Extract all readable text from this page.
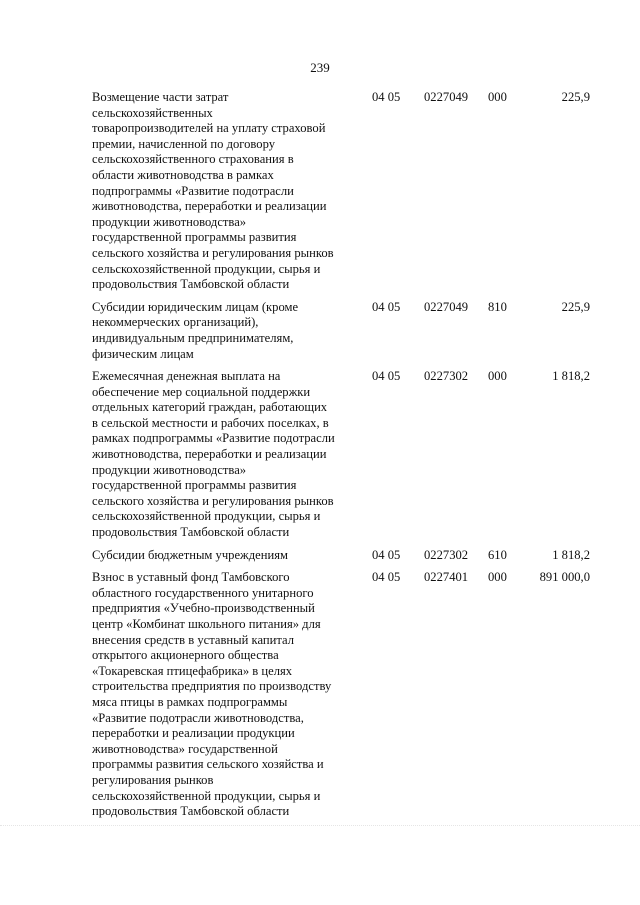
239
Возмещение части затрат
сельскохозяйственных
товаропроизводителей на уплату страховой
премии, начисленной по договору
сельскохозяйственного страхования в
области животноводства в рамках
подпрограммы «Развитие подотрасли
животноводства, переработки и реализации
продукции животноводства»
государственной программы развития
сельского хозяйства и регулирования рынков
сельскохозяйственной продукции, сырья и
продовольствия Тамбовской области
04 05 0227049 000	225,9
Субсидии юридическим лицам (кроме
некоммерческих организаций),
индивидуальным предпринимателям,
физическим лицам
04 05 0227049 810	225,9
Ежемесячная денежная выплата на
обеспечение мер социальной поддержки
отдельных категорий граждан, работающих
в сельской местности и рабочих поселках, в
рамках подпрограммы «Развитие подотрасли
животноводства, переработки и реализации
продукции животноводства»
государственной программы развития
сельского хозяйства и регулирования рынков
сельскохозяйственной продукции, сырья и
продовольствия Тамбовской области
04 05 0227302 000	1 818,2
Субсидии бюджетным учреждениям	04 05 0227302 610	1 818,2
Взнос в уставный фонд Тамбовского
областного государственного унитарного
предприятия «Учебно-производственный
центр «Комбинат школьного питания» для
внесения средств в уставный капитал
открытого акционерного общества
«Токаревская птицефабрика» в целях
строительства предприятия по производству
мяса птицы в рамках подпрограммы
«Развитие подотрасли животноводства,
переработки и реализации продукции
животноводства» государственной
программы развития сельского хозяйства и
регулирования рынков
сельскохозяйственной продукции, сырья и
продовольствия Тамбовской области
04 05 0227401 000	891 000,0
